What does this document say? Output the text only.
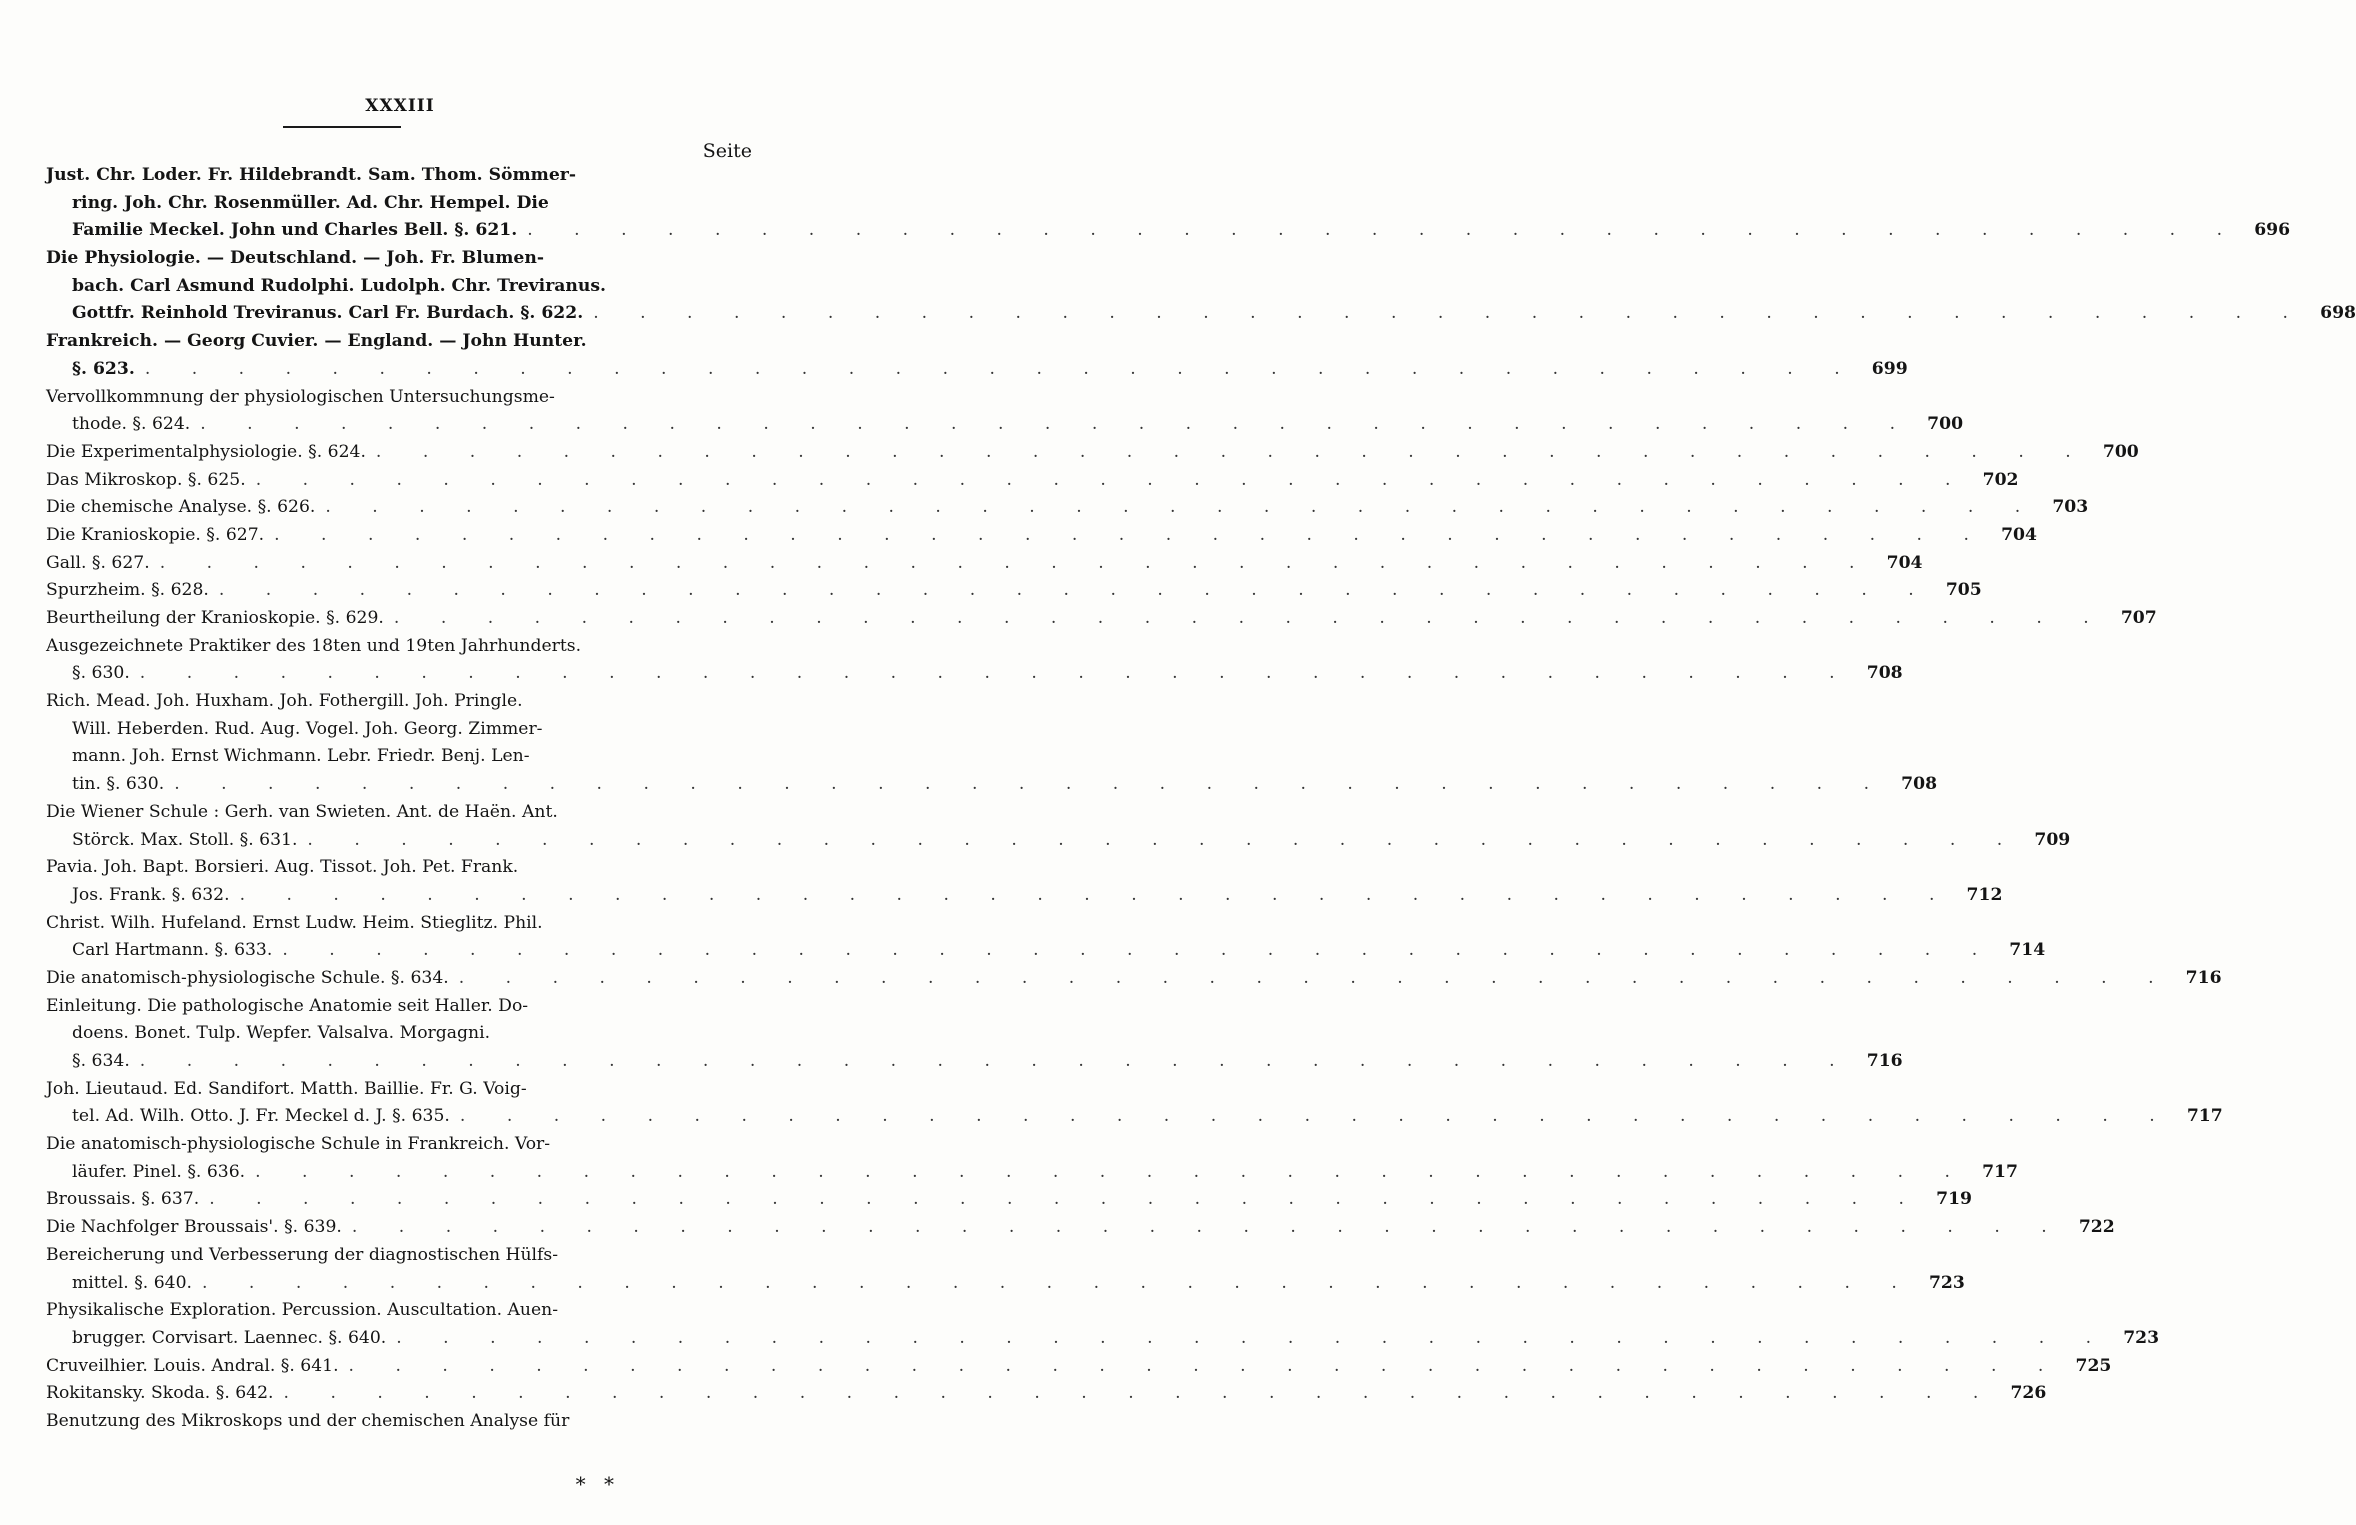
XXXIII
Seite
Just. Chr. Loder. Fr. Hildebrandt. Sam. Thom. Sömmer-
ring. Joh. Chr. Rosenmüller. Ad. Chr. Hempel. Die
Familie Meckel. John und Charles Bell. §. 621. . . . . . . . . . . . . . . . . . . . . . . . . . . . . . . . . . . . . . 696
Die Physiologie. — Deutschland. — Joh. Fr. Blumen-
bach. Carl Asmund Rudolphi. Ludolph. Chr. Treviranus.
Gottfr. Reinhold Treviranus. Carl Fr. Burdach. §. 622. . . . . . . . . . . . . . . . . . . . . . . . . . . . . . . . . . . . . . 698
Frankreich. — Georg Cuvier. — England. — John Hunter.
§. 623. . . . . . . . . . . . . . . . . . . . . . . . . . . . . . . . . . . . . . 699
Vervollkommnung der physiologischen Untersuchungsme-
thode. §. 624. . . . . . . . . . . . . . . . . . . . . . . . . . . . . . . . . . . . . . 700
Die Experimentalphysiologie. §. 624. . . . . . . . . . . . . . . . . . . . . . . . . . . . . . . . . . . . . . 700
Das Mikroskop. §. 625. . . . . . . . . . . . . . . . . . . . . . . . . . . . . . . . . . . . . . 702
Die chemische Analyse. §. 626. . . . . . . . . . . . . . . . . . . . . . . . . . . . . . . . . . . . . . 703
Die Kranioskopie. §. 627. . . . . . . . . . . . . . . . . . . . . . . . . . . . . . . . . . . . . . 704
Gall. §. 627. . . . . . . . . . . . . . . . . . . . . . . . . . . . . . . . . . . . . . 704
Spurzheim. §. 628. . . . . . . . . . . . . . . . . . . . . . . . . . . . . . . . . . . . . . 705
Beurtheilung der Kranioskopie. §. 629. . . . . . . . . . . . . . . . . . . . . . . . . . . . . . . . . . . . . . 707
Ausgezeichnete Praktiker des 18ten und 19ten Jahrhunderts.
§. 630. . . . . . . . . . . . . . . . . . . . . . . . . . . . . . . . . . . . . . 708
Rich. Mead. Joh. Huxham. Joh. Fothergill. Joh. Pringle.
Will. Heberden. Rud. Aug. Vogel. Joh. Georg. Zimmer-
mann. Joh. Ernst Wichmann. Lebr. Friedr. Benj. Len-
tin. §. 630. . . . . . . . . . . . . . . . . . . . . . . . . . . . . . . . . . . . . . 708
Die Wiener Schule : Gerh. van Swieten. Ant. de Haën. Ant.
Störck. Max. Stoll. §. 631. . . . . . . . . . . . . . . . . . . . . . . . . . . . . . . . . . . . . . 709
Pavia. Joh. Bapt. Borsieri. Aug. Tissot. Joh. Pet. Frank.
Jos. Frank. §. 632. . . . . . . . . . . . . . . . . . . . . . . . . . . . . . . . . . . . . . 712
Christ. Wilh. Hufeland. Ernst Ludw. Heim. Stieglitz. Phil.
Carl Hartmann. §. 633. . . . . . . . . . . . . . . . . . . . . . . . . . . . . . . . . . . . . . 714
Die anatomisch-physiologische Schule. §. 634. . . . . . . . . . . . . . . . . . . . . . . . . . . . . . . . . . . . . . 716
Einleitung. Die pathologische Anatomie seit Haller. Do-
doens. Bonet. Tulp. Wepfer. Valsalva. Morgagni.
§. 634. . . . . . . . . . . . . . . . . . . . . . . . . . . . . . . . . . . . . . 716
Joh. Lieutaud. Ed. Sandifort. Matth. Baillie. Fr. G. Voig-
tel. Ad. Wilh. Otto. J. Fr. Meckel d. J. §. 635. . . . . . . . . . . . . . . . . . . . . . . . . . . . . . . . . . . . . . 717
Die anatomisch-physiologische Schule in Frankreich. Vor-
läufer. Pinel. §. 636. . . . . . . . . . . . . . . . . . . . . . . . . . . . . . . . . . . . . . 717
Broussais. §. 637. . . . . . . . . . . . . . . . . . . . . . . . . . . . . . . . . . . . . . 719
Die Nachfolger Broussais'. §. 639. . . . . . . . . . . . . . . . . . . . . . . . . . . . . . . . . . . . . . 722
Bereicherung und Verbesserung der diagnostischen Hülfs-
mittel. §. 640. . . . . . . . . . . . . . . . . . . . . . . . . . . . . . . . . . . . . . 723
Physikalische Exploration. Percussion. Auscultation. Auen-
brugger. Corvisart. Laennec. §. 640. . . . . . . . . . . . . . . . . . . . . . . . . . . . . . . . . . . . . . 723
Cruveilhier. Louis. Andral. §. 641. . . . . . . . . . . . . . . . . . . . . . . . . . . . . . . . . . . . . . 725
Rokitansky. Skoda. §. 642. . . . . . . . . . . . . . . . . . . . . . . . . . . . . . . . . . . . . . 726
Benutzung des Mikroskops und der chemischen Analyse für
* *
